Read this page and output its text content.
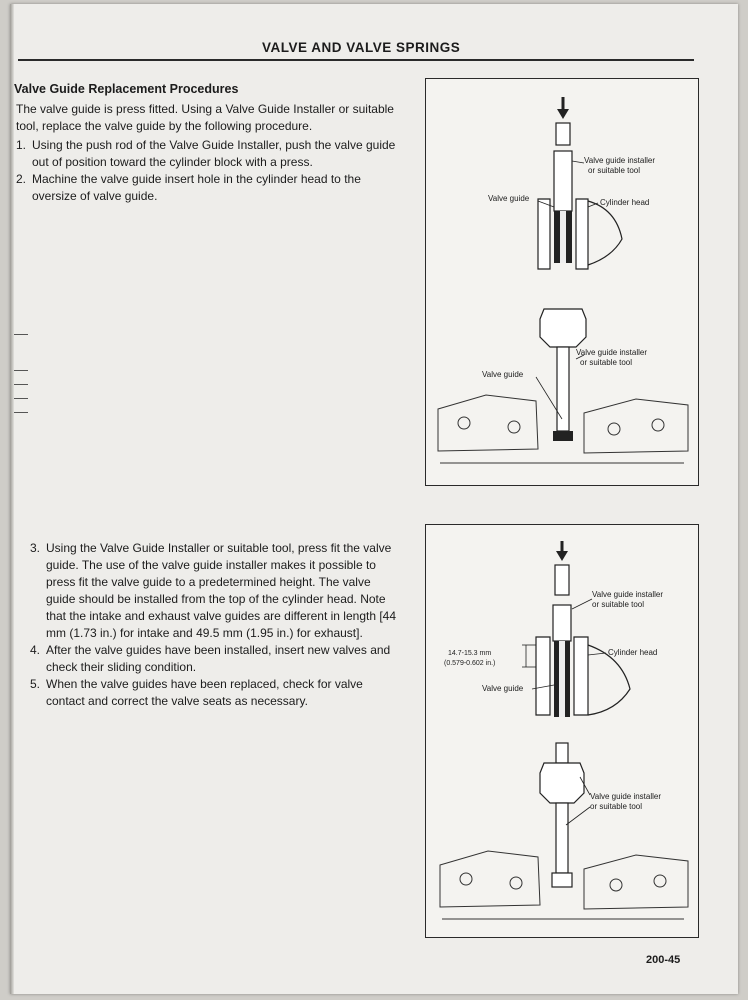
VALVE AND VALVE SPRINGS
Valve Guide Replacement Procedures
The valve guide is press fitted. Using a Valve Guide Installer or suitable tool, replace the valve guide by the following procedure.
1. Using the push rod of the Valve Guide Installer, push the valve guide out of position toward the cylinder block with a press.
2. Machine the valve guide insert hole in the cylinder head to the oversize of valve guide.
3. Using the Valve Guide Installer or suitable tool, press fit the valve guide. The use of the valve guide installer makes it possible to press fit the valve guide to a predetermined height. The valve guide should be installed from the top of the cylinder head. Note that the intake and exhaust valve guides are different in length [44 mm (1.73 in.) for intake and 49.5 mm (1.95 in.) for exhaust].
4. After the valve guides have been installed, insert new valves and check their sliding condition.
5. When the valve guides have been replaced, check for valve contact and correct the valve seats as necessary.
Valve guide installer
or suitable tool
Valve guide	Cylinder head
Valve guide installer
or suitable tool
Valve guide
Valve guide installer
or suitable tool
Cylinder head
14.7-15.3 mm
(0.579-0.602 in.)
Valve guide
Valve guide installer
or suitable tool
200-45
